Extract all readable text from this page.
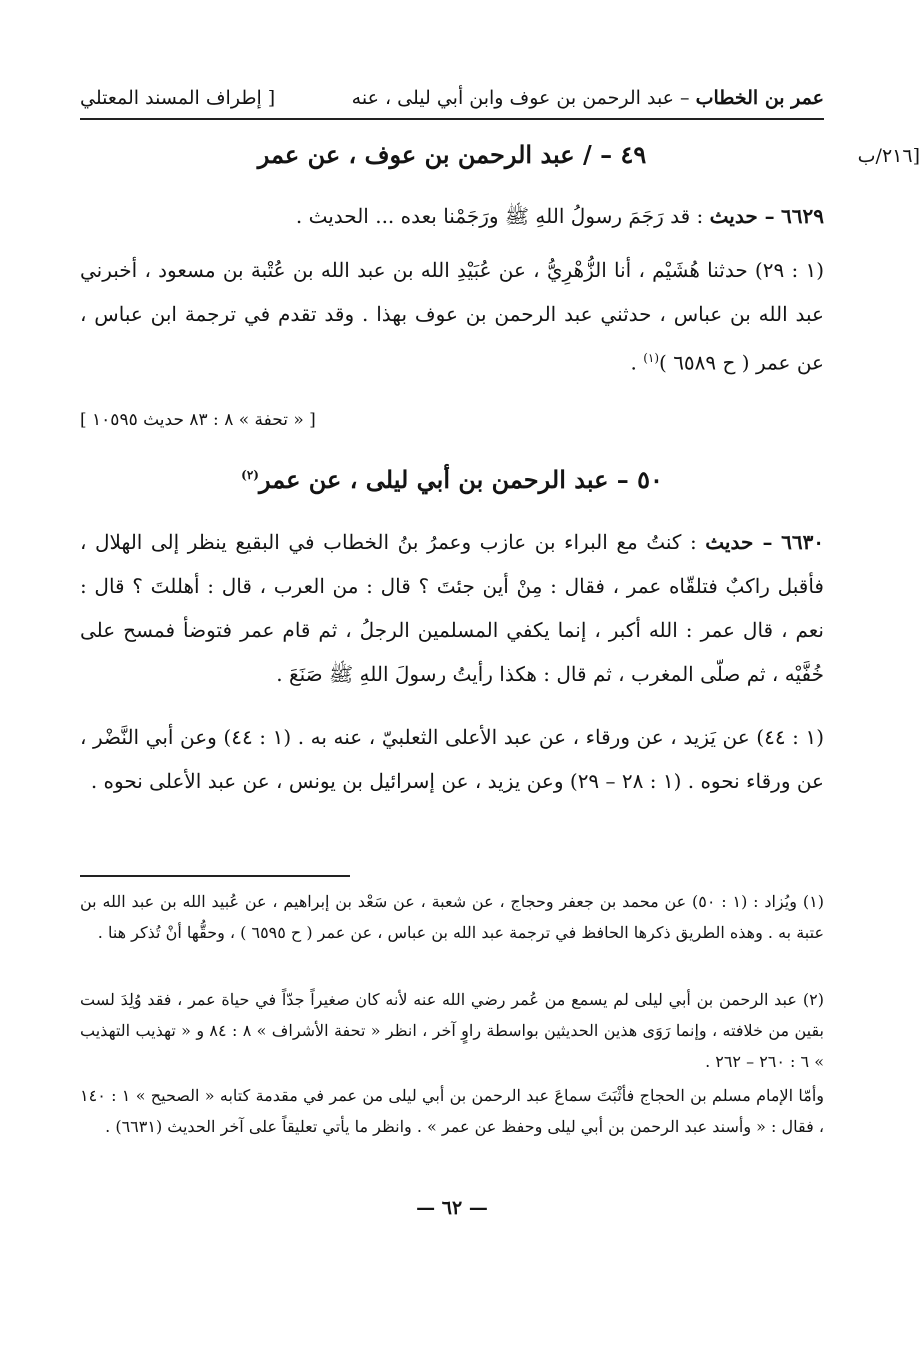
عمر بن الخطاب – عبد الرحمن بن عوف وابن أبي ليلى ، عنه
[ إطراف المسند المعتلي
[٢١٦/ب
٤٩ – / عبد الرحمن بن عوف ، عن عمر
٦٦٢٩ – حديث : قد رَجَمَ رسولُ اللهِ ﷺ ورَجَمْنا بعده ... الحديث .
(١ : ٢٩) حدثنا هُشَيْم ، أنا الزُّهْرِيُّ ، عن عُبَيْدِ الله بن عبد الله بن عُتْبة بن مسعود ، أخبرني عبد الله بن عباس ، حدثني عبد الرحمن بن عوف بهذا . وقد تقدم في ترجمة ابن عباس ، عن عمر ( ح ٦٥٨٩ )$^{(١)}$ .
[ « تحفة » ٨ : ٨٣ حديث ١٠٥٩٥ ]
٥٠ – عبد الرحمن بن أبي ليلى ، عن عمر$^{(٢)}$
٦٦٣٠ – حديث : كنتُ مع البراء بن عازب وعمرُ بنُ الخطاب في البقيع ينظر إلى الهلال ، فأقبل راكبٌ فتلقّاه عمر ، فقال : مِنْ أين جئتَ ؟ قال : من العرب ، قال : أهللتَ ؟ قال : نعم ، قال عمر : الله أكبر ، إنما يكفي المسلمين الرجلُ ، ثم قام عمر فتوضأ فمسح على خُفَّيْه ، ثم صلّى المغرب ، ثم قال : هكذا رأيتُ رسولَ اللهِ ﷺ صَنَعَ .
(١ : ٤٤) عن يَزيد ، عن ورقاء ، عن عبد الأعلى الثعلبيّ ، عنه به . (١ : ٤٤) وعن أبي النَّضْر ، عن ورقاء نحوه . (١ : ٢٨ – ٢٩) وعن يزيد ، عن إسرائيل بن يونس ، عن عبد الأعلى نحوه .
(١)ويُزاد : (١ : ٥٠) عن محمد بن جعفر وحجاج ، عن شعبة ، عن سَعْد بن إبراهيم ، عن عُبيد الله بن عبد الله بن عتبة به . وهذه الطريق ذكرها الحافظ في ترجمة عبد الله بن عباس ، عن عمر ( ح ٦٥٩٥ ) ، وحقُّها أنْ تُذكر هنا .
(٢)عبد الرحمن بن أبي ليلى لم يسمع من عُمر رضي الله عنه لأنه كان صغيراً جدّاً في حياة عمر ، فقد وُلِدَ لست بقين من خلافته ، وإنما رَوَى هذين الحديثين بواسطة راوٍ آخر ، انظر « تحفة الأشراف » ٨ : ٨٤ و « تهذيب التهذيب » ٦ : ٢٦٠ – ٢٦٢ .
وأمّا الإمام مسلم بن الحجاج فأثْبَتَ سماعَ عبد الرحمن بن أبي ليلى من عمر في مقدمة كتابه « الصحيح » ١ : ١٤٠ ، فقال : « وأسند عبد الرحمن بن أبي ليلى وحفظ عن عمر » . وانظر ما يأتي تعليقاً على آخر الحديث (٦٦٣١) .
— ٦٢ —
